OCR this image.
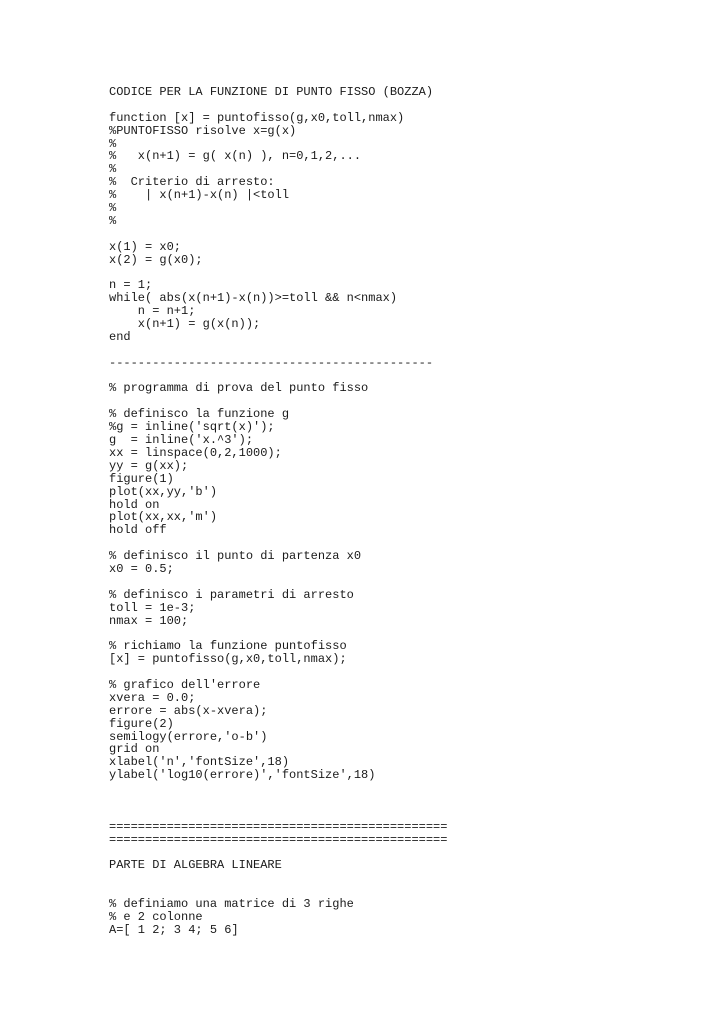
CODICE PER LA FUNZIONE DI PUNTO FISSO (BOZZA)
function [x] = puntofisso(g,x0,toll,nmax)
%PUNTOFISSO risolve x=g(x)
%
%   x(n+1) = g( x(n) ), n=0,1,2,...
%
%  Criterio di arresto:
%    | x(n+1)-x(n) |<toll
%
%
x(1) = x0;
x(2) = g(x0);
n = 1;
while( abs(x(n+1)-x(n))>=toll && n<nmax)
n = n+1;
x(n+1) = g(x(n));
end
---------------------------------------------
% programma di prova del punto fisso
% definisco la funzione g
%g = inline('sqrt(x)');
g  = inline('x.^3');
xx = linspace(0,2,1000);
yy = g(xx);
figure(1)
plot(xx,yy,'b')
hold on
plot(xx,xx,'m')
hold off
% definisco il punto di partenza x0
x0 = 0.5;
% definisco i parametri di arresto
toll = 1e-3;
nmax = 100;
% richiamo la funzione puntofisso
[x] = puntofisso(g,x0,toll,nmax);
% grafico dell'errore
xvera = 0.0;
errore = abs(x-xvera);
figure(2)
semilogy(errore,'o-b')
grid on
xlabel('n','fontSize',18)
ylabel('log10(errore)','fontSize',18)
===============================================
===============================================
PARTE DI ALGEBRA LINEARE
% definiamo una matrice di 3 righe
% e 2 colonne
A=[ 1 2; 3 4; 5 6]
